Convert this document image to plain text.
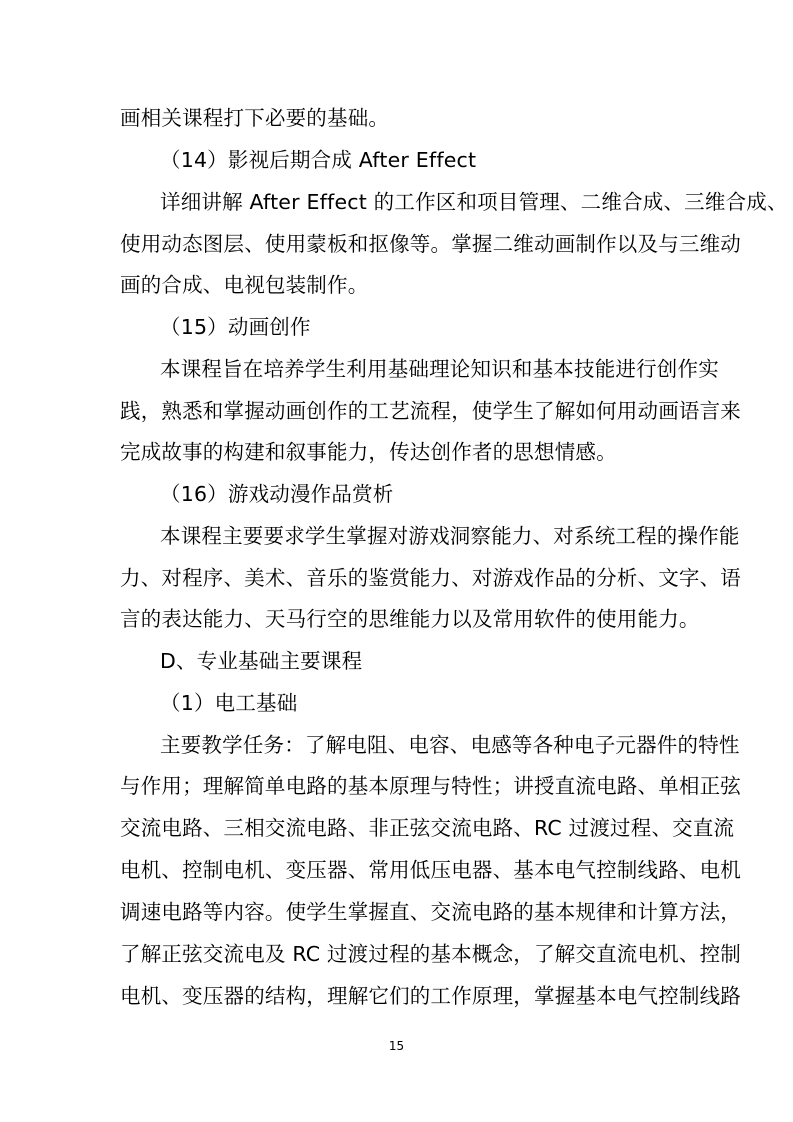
画相关课程打下必要的基础。
（14）影视后期合成 After Effect
详细讲解 After Effect 的工作区和项目管理、二维合成、三维合成、
使用动态图层、使用蒙板和抠像等。掌握二维动画制作以及与三维动
画的合成、电视包装制作。
（15）动画创作
本课程旨在培养学生利用基础理论知识和基本技能进行创作实
践，熟悉和掌握动画创作的工艺流程，使学生了解如何用动画语言来
完成故事的构建和叙事能力，传达创作者的思想情感。
（16）游戏动漫作品赏析
本课程主要要求学生掌握对游戏洞察能力、对系统工程的操作能
力、对程序、美术、音乐的鉴赏能力、对游戏作品的分析、文字、语
言的表达能力、天马行空的思维能力以及常用软件的使用能力。
D、专业基础主要课程
（1）电工基础
主要教学任务：了解电阻、电容、电感等各种电子元器件的特性
与作用；理解简单电路的基本原理与特性；讲授直流电路、单相正弦
交流电路、三相交流电路、非正弦交流电路、RC 过渡过程、交直流
电机、控制电机、变压器、常用低压电器、基本电气控制线路、电机
调速电路等内容。使学生掌握直、交流电路的基本规律和计算方法，
了解正弦交流电及 RC 过渡过程的基本概念，了解交直流电机、控制
电机、变压器的结构，理解它们的工作原理，掌握基本电气控制线路
15
